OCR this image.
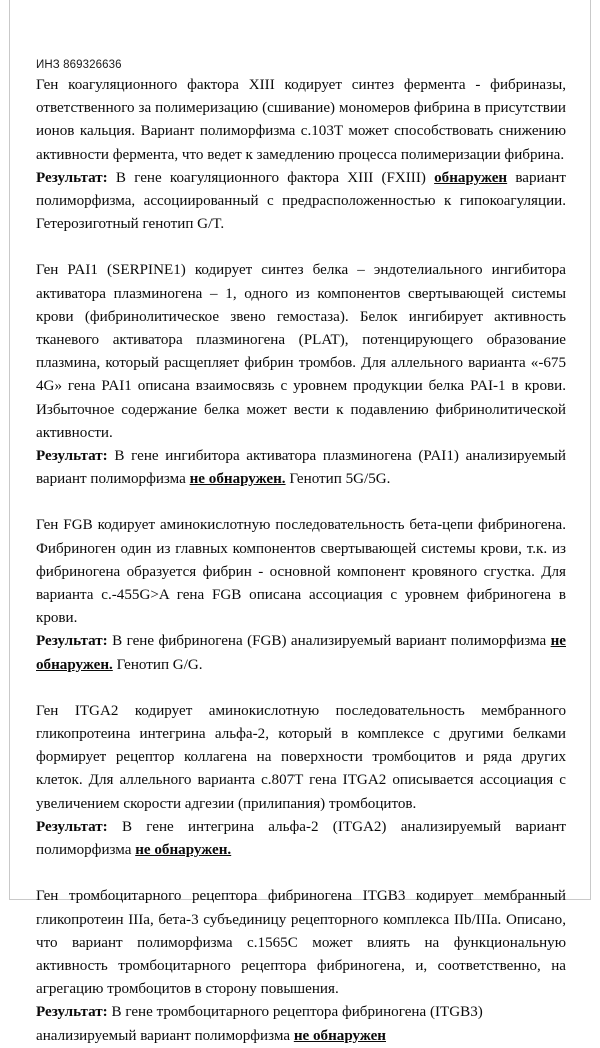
ИНЗ 869326636

Ген коагуляционного фактора XIII кодирует синтез фермента - фибриназы, ответственного за полимеризацию (сшивание) мономеров фибрина в присутствии ионов кальция. Вариант полиморфизма c.103T может способствовать снижению активности фермента, что ведет к замедлению процесса полимеризации фибрина.

Результат: В гене коагуляционного фактора XIII (FXIII) обнаружен вариант полиморфизма, ассоциированный с предрасположенностью к гипокоагуляции. Гетерозиготный генотип G/T.

Ген PAI1 (SERPINE1) кодирует синтез белка – эндотелиального ингибитора активатора плазминогена – 1, одного из компонентов свертывающей системы крови (фибринолитическое звено гемостаза). Белок ингибирует активность тканевого активатора плазминогена (PLAT), потенцирующего образование плазмина, который расщепляет фибрин тромбов. Для аллельного варианта «-675 4G» гена PAI1 описана взаимосвязь с уровнем продукции белка PAI-1 в крови. Избыточное содержание белка может вести к подавлению фибринолитической активности.

Результат: В гене ингибитора активатора плазминогена (PAI1) анализируемый вариант полиморфизма не обнаружен. Генотип 5G/5G.

Ген FGB кодирует аминокислотную последовательность бета-цепи фибриногена. Фибриноген один из главных компонентов свертывающей системы крови, т.к. из фибриногена образуется фибрин - основной компонент кровяного сгустка. Для варианта c.-455G>A гена FGB описана ассоциация с уровнем фибриногена в крови.

Результат: В гене фибриногена (FGB) анализируемый вариант полиморфизма не обнаружен. Генотип G/G.

Ген ITGA2 кодирует аминокислотную последовательность мембранного гликопротеина интегрина альфа-2, который в комплексе с другими белками формирует рецептор коллагена на поверхности тромбоцитов и ряда других клеток. Для аллельного варианта c.807T гена ITGA2 описывается ассоциация с увеличением скорости адгезии (прилипания) тромбоцитов.

Результат: В гене интегрина альфа-2 (ITGA2) анализируемый вариант полиморфизма не обнаружен.

Ген тромбоцитарного рецептора фибриногена ITGB3 кодирует мембранный гликопротеин IIIa, бета-3 субъединицу рецепторного комплекса IIb/IIIa. Описано, что вариант полиморфизма c.1565C может влиять на функциональную активность тромбоцитарного рецептора фибриногена, и, соответственно, на агрегацию тромбоцитов в сторону повышения.

Результат: В гене тромбоцитарного рецептора фибриногена (ITGB3) анализируемый вариант полиморфизма не обнаружен
